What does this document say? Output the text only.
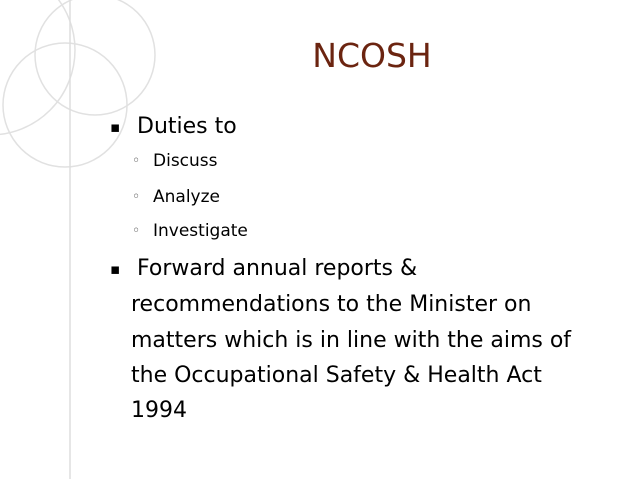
NCOSH
▪ Duties to
◦ Discuss
◦ Analyze
◦ Investigate
▪ Forward annual reports &
recommendations to the Minister on
matters which is in line with the aims of
the Occupational Safety & Health Act
1994
